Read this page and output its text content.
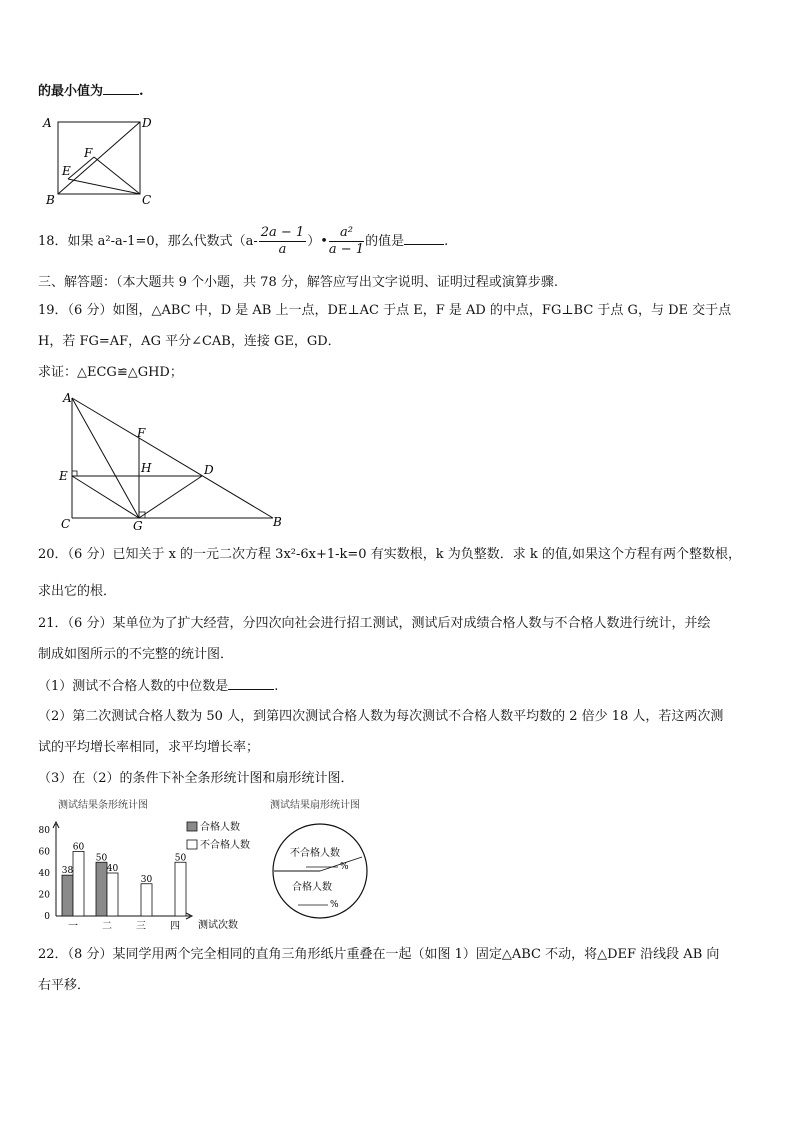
的最小值为	.
A	D
F
E
B	C
18．如果 a²-a-1=0，那么代数式（$a- \frac{2a - 1}{a}$ ）• $\frac{\text{a²}}{a - 1}$ 的值是	.
三、解答题：（本大题共 9 个小题，共 78 分，解答应写出文字说明、证明过程或演算步骤.
19．（6 分）如图，△ABC 中，D 是 AB 上一点，DE⊥AC 于点 E，F 是 AD 的中点，FG⊥BC 于点 G，与 DE 交于点
H，若 FG=AF，AG 平分∠CAB，连接 GE，GD．
求证：△ECG≌△GHD；
A
F
H
E	D
C	G	B
20．（6 分）已知关于 x 的一元二次方程 3x²-6x+1-k=0 有实数根，k 为负整数．求 k 的值,如果这个方程有两个整数根，
求出它的根．
21．（6 分）某单位为了扩大经营，分四次向社会进行招工测试，测试后对成绩合格人数与不合格人数进行统计，并绘
制成如图所示的不完整的统计图．
（1）测试不合格人数的中位数是	.
（2）第二次测试合格人数为 50 人，到第四次测试合格人数为每次测试不合格人数平均数的 2 倍少 18 人，若这两次测
试的平均增长率相同，求平均增长率；
（3）在（2）的条件下补全条形统计图和扇形统计图．
测试结果条形统计图
0
20
40
60
80
一 二 三 四
38
60
50
40
30
50
合格人数
不合格人数
测试次数
测试结果扇形统计图
不合格人数
%
合格人数
%
22．（8 分）某同学用两个完全相同的直角三角形纸片重叠在一起（如图 1）固定△ABC 不动，将△DEF 沿线段 AB 向
右平移．
